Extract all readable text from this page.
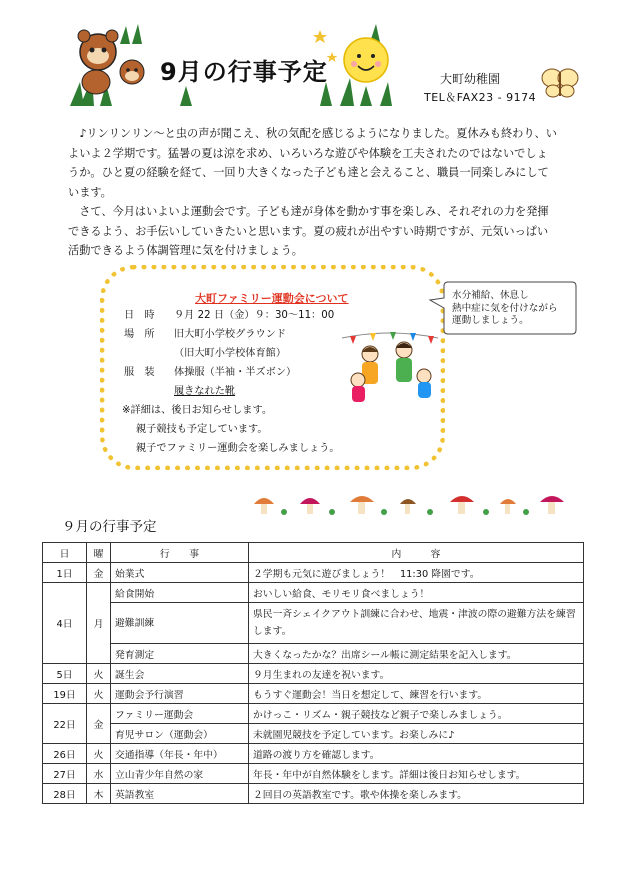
9月の行事予定	大町幼稚園
TEL＆FAX23 - 9174

♪リンリンリン〜と虫の声が聞こえ、秋の気配を感じるようになりました。夏休みも終わり、いよいよ２学期です。猛暑の夏は涼を求め、いろいろな遊びや体験を工夫されたのではないでしょうか。ひと夏の経験を経て、一回り大きくなった子ども達と会えること、職員一同楽しみにしています。

さて、今月はいよいよ運動会です。子ども達が身体を動かす事を楽しみ、それぞれの力を発揮できるよう、お手伝いしていきたいと思います。夏の疲れが出やすい時期ですが、元気いっぱい活動できるよう体調管理に気を付けましょう。

大町ファミリー運動会について
日　時 ９月 22 日（金）９：30〜11：00
場　所 旧大町小学校グラウンド
（旧大町小学校体育館）
服　装 体操服（半袖・半ズボン）
履きなれた靴
※詳細は、後日お知らせします。
親子競技も予定しています。
親子でファミリー運動会を楽しみましょう。
水分補給、休息し
熱中症に気を付けながら
運動しましょう。
９月の行事予定
日	曜	行　　事	内　　　容
1日	金	始業式	２学期も元気に遊びましょう！　11:30 降園です。
4日	月	給食開始	おいしい給食、モリモリ食べましょう！
		避難訓練	県民一斉シェイクアウト訓練に合わせ、地震・津波の際の避難方法を練習します。
		発育測定	大きくなったかな？出席シール帳に測定結果を記入します。
5日	火	誕生会	９月生まれの友達を祝います。
19日	火	運動会予行演習	もうすぐ運動会！当日を想定して、練習を行います。
22日	金	ファミリー運動会	かけっこ・リズム・親子競技など親子で楽しみましょう。
		育児サロン（運動会）	未就園児競技を予定しています。お楽しみに♪
26日	火	交通指導（年長・年中）	道路の渡り方を確認します。
27日	水	立山青少年自然の家	年長・年中が自然体験をします。詳細は後日お知らせします。
28日	木	英語教室	２回目の英語教室です。歌や体操を楽しみます。
